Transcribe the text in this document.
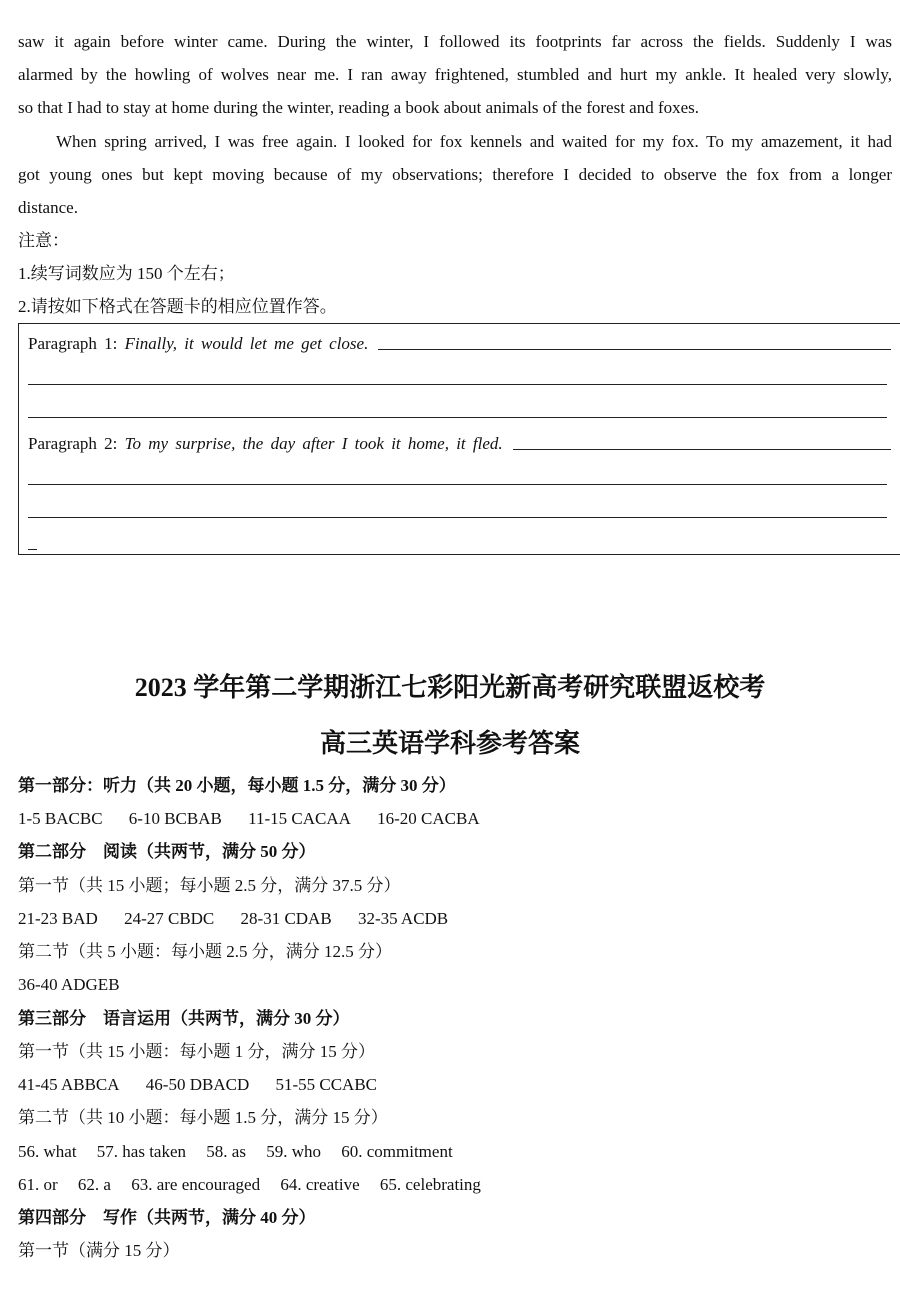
saw it again before winter came. During the winter, I followed its footprints far across the fields. Suddenly I was
alarmed by the howling of wolves near me. I ran away frightened, stumbled and hurt my ankle. It healed very slowly,
so that I had to stay at home during the winter, reading a book about animals of the forest and foxes.
When spring arrived, I was free again. I looked for fox kennels and waited for my fox. To my amazement, it had
got young ones but kept moving because of my observations; therefore I decided to observe the fox from a longer
distance.
注意：
1.续写词数应为 150 个左右；
2.请按如下格式在答题卡的相应位置作答。
Paragraph 1: Finally, it would let me get close.
Paragraph 2: To my surprise, the day after I took it home, it fled.
2023 学年第二学期浙江七彩阳光新高考研究联盟返校考
高三英语学科参考答案
第一部分：听力（共 20 小题，每小题 1.5 分，满分 30 分）
1-5 BACBC 6-10 BCBAB 11-15 CACAA 16-20 CACBA
第二部分　阅读（共两节，满分 50 分）
第一节（共 15 小题；每小题 2.5 分，满分 37.5 分）
21-23 BAD 24-27 CBDC 28-31 CDAB 32-35 ACDB
第二节（共 5 小题：每小题 2.5 分，满分 12.5 分）
36-40 ADGEB
第三部分　语言运用（共两节，满分 30 分）
第一节（共 15 小题：每小题 1 分，满分 15 分）
41-45 ABBCA 46-50 DBACD 51-55 CCABC
第二节（共 10 小题：每小题 1.5 分，满分 15 分）
56. what 57. has taken 58. as 59. who 60. commitment
61. or 62. a 63. are encouraged 64. creative 65. celebrating
第四部分　写作（共两节，满分 40 分）
第一节（满分 15 分）
